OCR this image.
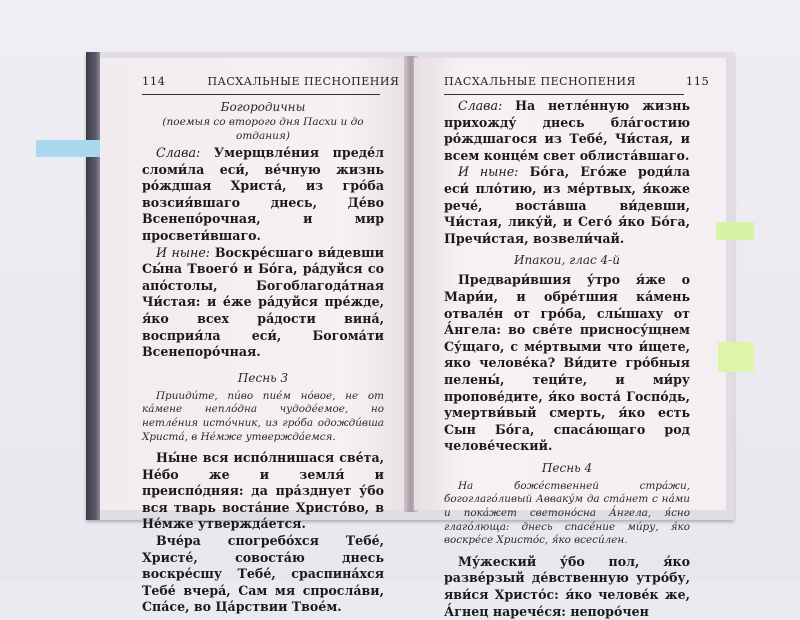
114	ПАСХАЛЬНЫЕ ПЕСНОПЕНИЯ
Богородичны
(поемыя со второго дня Пасхи и до отдания)

Слава: Умерщвле́ния преде́л сломи́ла еси́, ве́чную жизнь ро́ждшая Христа́, из гро́ба возсия́вшаго днесь, Де́во Всенепо́рочная, и мир просвети́вшаго.

И ныне: Воскре́сшаго ви́девши Сы́на Твоего́ и Бо́га, ра́дуйся со апо́столы, Богоблагода́тная Чи́стая: и е́же ра́дуйся пре́жде, я́ко всех ра́дости вина́, восприя́ла еси́, Богома́ти Всенепоро́чная.

Песнь 3

Прииди́те, пи́во пие́м но́вое, не от ка́мене непло́дна чудоде́емое, но нетле́ния исто́чник, из гро́ба одожди́вша Христа́, в Не́мже утвержда́емся.

Ны́не вся испо́лнишася све́та, Не́бо же и земля́ и преиспо́дняя: да пра́зднует у́бо вся тварь воста́ние Христо́во, в Не́мже утвержда́ется.

Вче́ра спогребо́хся Тебе́, Христе́, совоста́ю днесь воскре́сшу Тебе́, сраспина́хся Тебе́ вчера́, Сам мя спросла́ви, Спа́се, во Ца́рствии Твое́м.

ПАСХАЛЬНЫЕ ПЕСНОПЕНИЯ	115

Слава: На нетле́нную жизнь прихожду́ днесь бла́гостию ро́ждшагося из Тебе́, Чи́стая, и всем конце́м свет облиста́вшаго.

И ныне: Бо́га, Его́же роди́ла еси́ пло́тию, из ме́ртвых, я́коже рече́, воста́вша ви́девши, Чи́стая, лику́й, и Сего́ я́ко Бо́га, Пречи́стая, возвели́чай.

Ипакои, глас 4-й

Предвари́вшия у́тро я́же о Мари́и, и обре́тшия ка́мень отвале́н от гро́ба, слы́шаху от А́нгела: во све́те присносу́щнем Су́щаго, с ме́ртвыми что и́щете, яко челове́ка? Ви́дите гро́бныя пелены́, теци́те, и ми́ру пропове́дите, я́ко воста́ Госпо́дь, умертви́вый смерть, я́ко есть Сын Бо́га, спаса́ющаго род челове́ческий.

Песнь 4

На боже́ственней стра́жи, богоглаго́ливый Авваку́м да ста́нет с на́ми и пока́жет светоно́сна А́нгела, я́сно глаго́люща: днесь спасе́ние ми́ру, я́ко воскре́се Христо́с, я́ко всеси́лен.

Му́жеский у́бо пол, я́ко развéрзый де́вственную утро́бу, яви́ся Христо́с: я́ко челове́к же, А́гнец нарече́ся: непоро́чен
